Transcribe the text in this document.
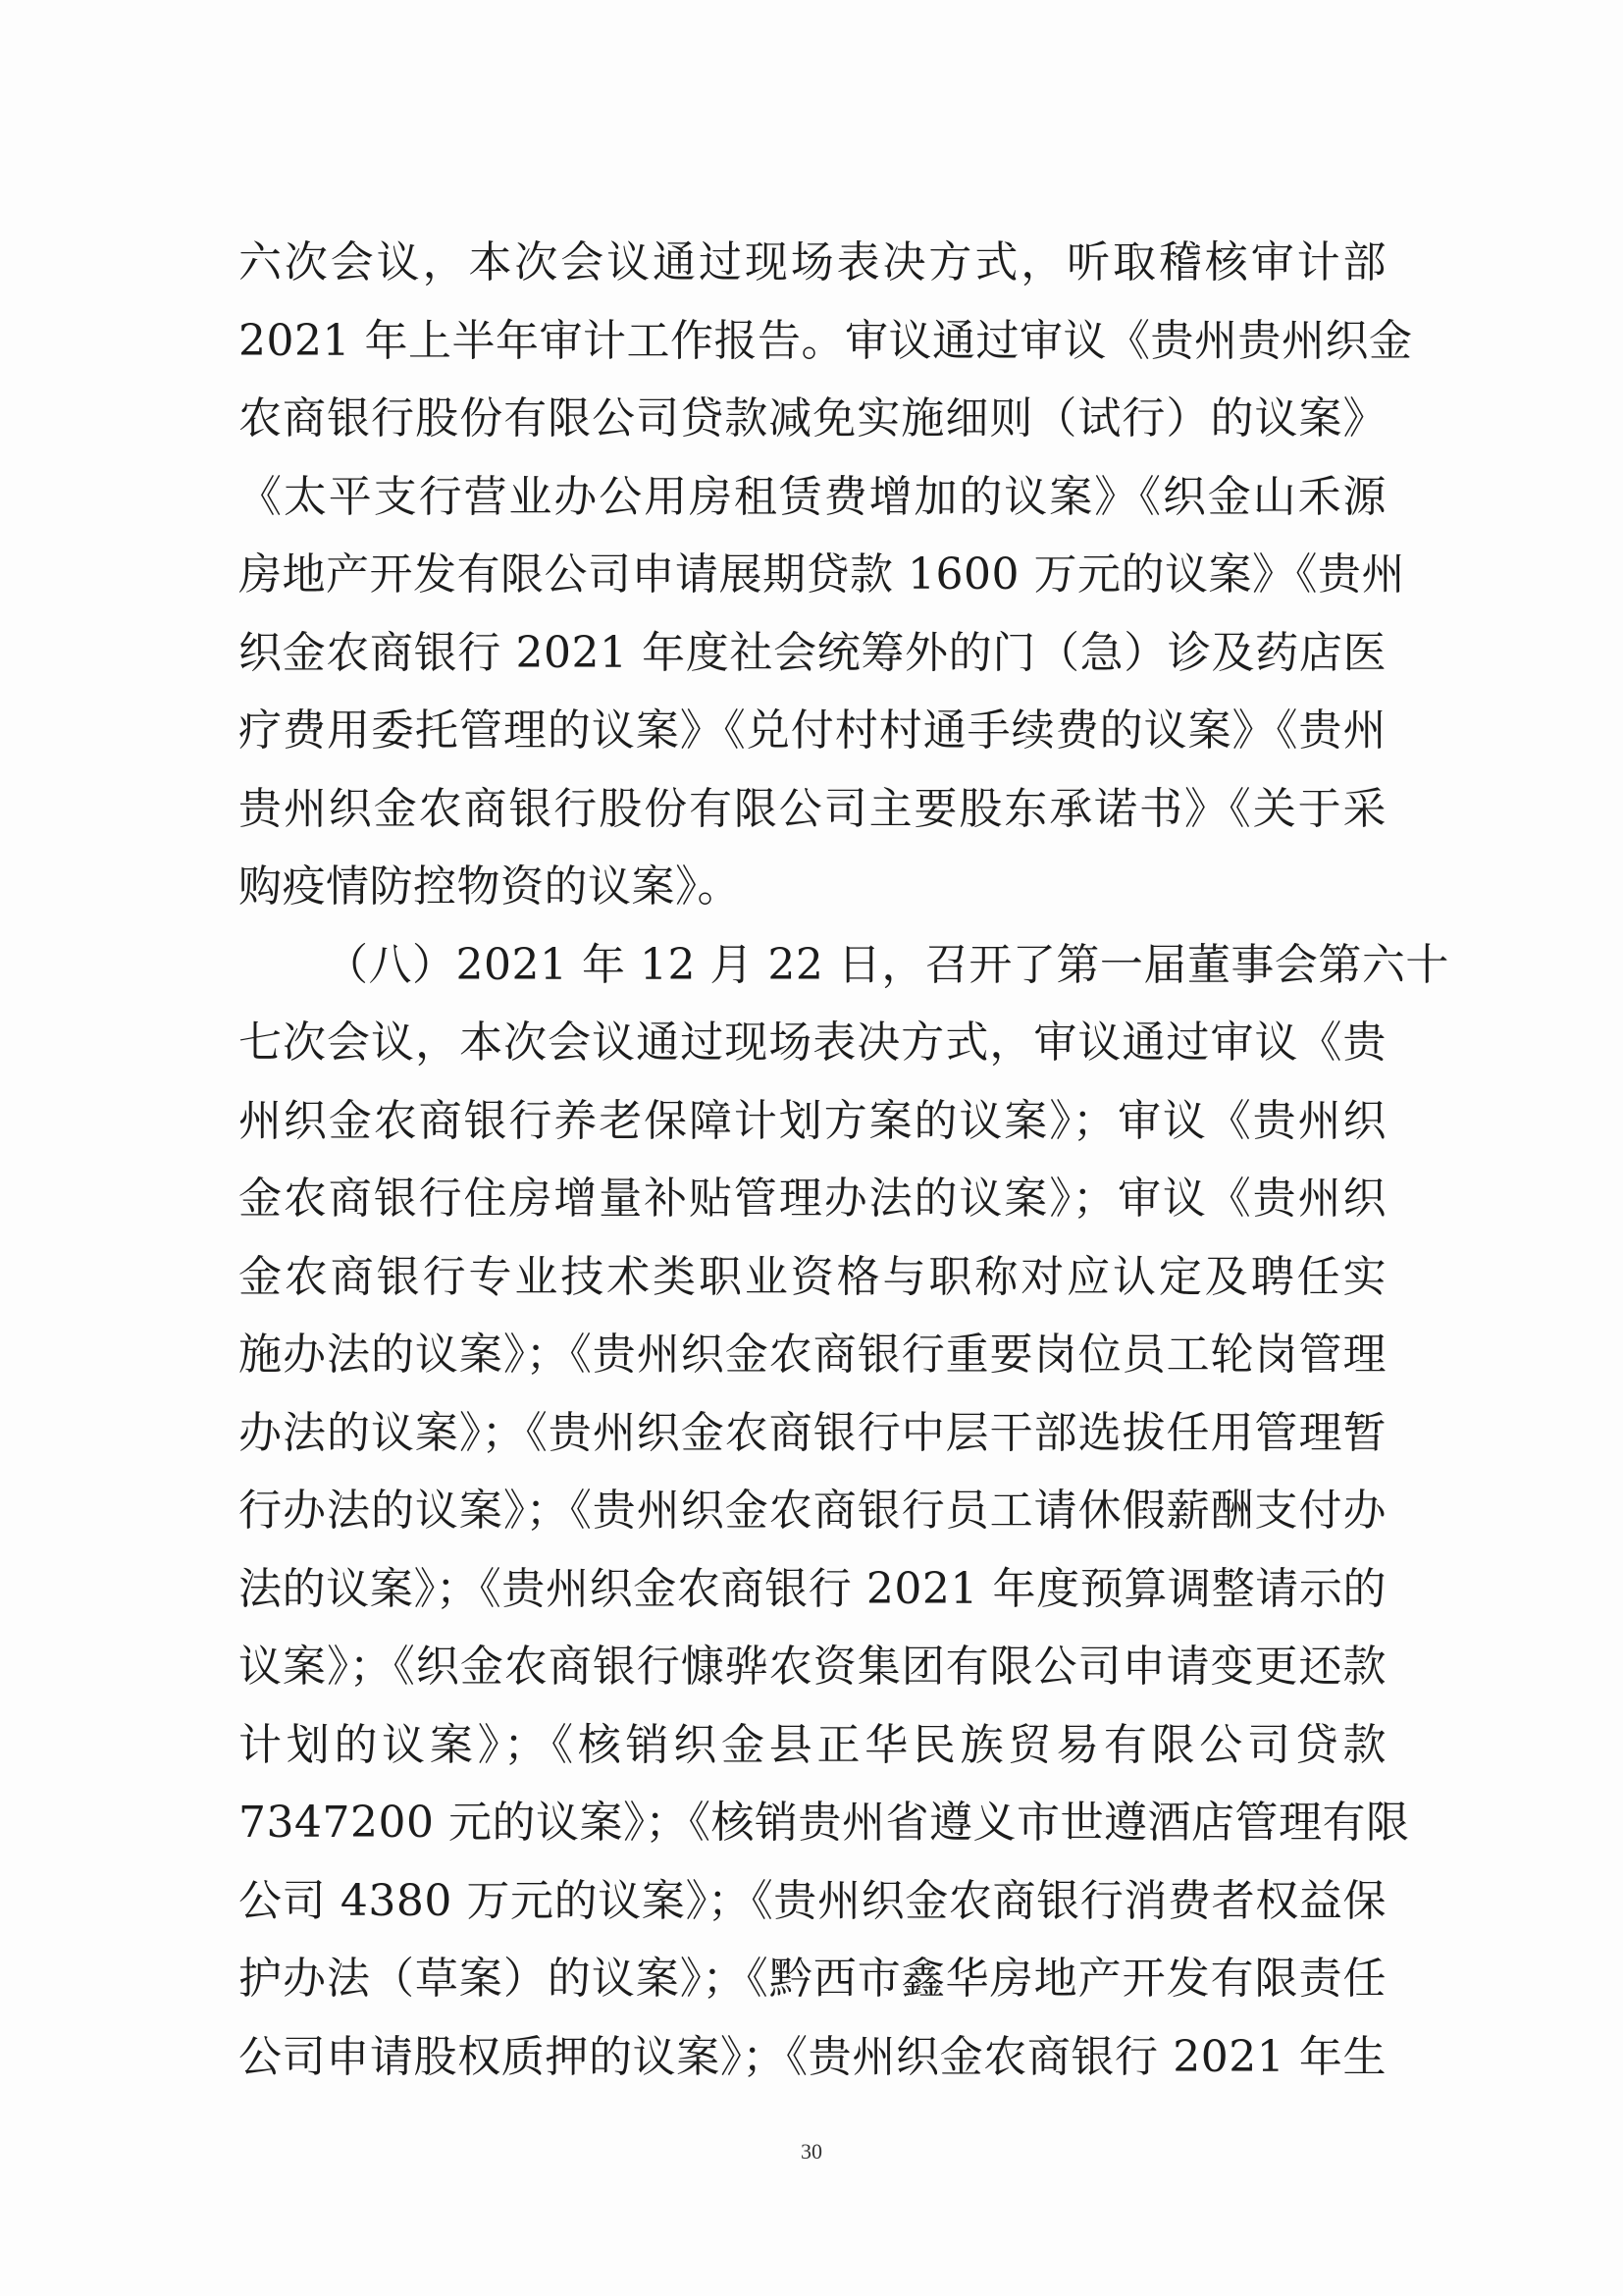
六次会议，本次会议通过现场表决方式，听取稽核审计部
2021 年上半年审计工作报告。审议通过审议《贵州贵州织金
农商银行股份有限公司贷款减免实施细则（试行）的议案》
《太平支行营业办公用房租赁费增加的议案》《织金山禾源
房地产开发有限公司申请展期贷款 1600 万元的议案》《贵州
织金农商银行 2021 年度社会统筹外的门（急）诊及药店医
疗费用委托管理的议案》《兑付村村通手续费的议案》《贵州
贵州织金农商银行股份有限公司主要股东承诺书》《关于采
购疫情防控物资的议案》。
（八）2021 年 12 月 22 日，召开了第一届董事会第六十
七次会议，本次会议通过现场表决方式，审议通过审议《贵
州织金农商银行养老保障计划方案的议案》；审议《贵州织
金农商银行住房增量补贴管理办法的议案》；审议《贵州织
金农商银行专业技术类职业资格与职称对应认定及聘任实
施办法的议案》；《贵州织金农商银行重要岗位员工轮岗管理
办法的议案》；《贵州织金农商银行中层干部选拔任用管理暂
行办法的议案》；《贵州织金农商银行员工请休假薪酬支付办
法的议案》；《贵州织金农商银行 2021 年度预算调整请示的
议案》；《织金农商银行慷骅农资集团有限公司申请变更还款
计划的议案》；《核销织金县正华民族贸易有限公司贷款
7347200 元的议案》；《核销贵州省遵义市世遵酒店管理有限
公司 4380 万元的议案》；《贵州织金农商银行消费者权益保
护办法（草案）的议案》；《黔西市鑫华房地产开发有限责任
公司申请股权质押的议案》；《贵州织金农商银行 2021 年生
30
